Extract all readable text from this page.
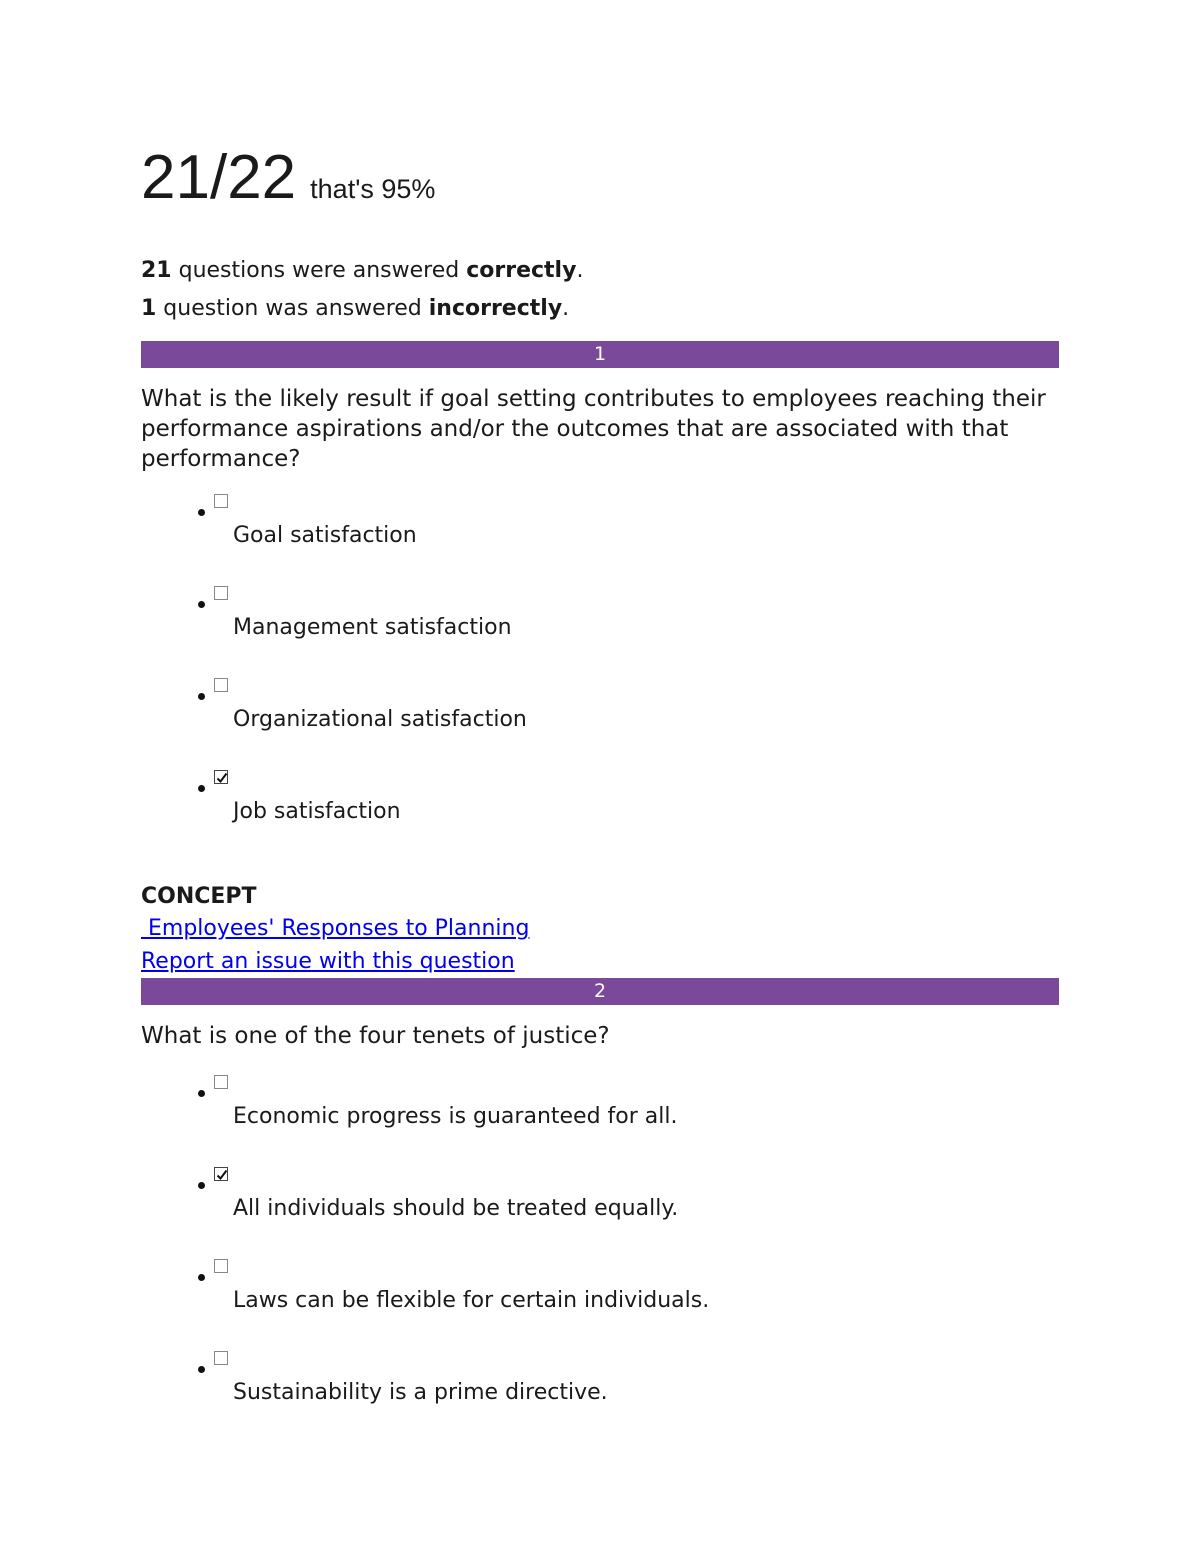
21/22 that's 95%
21 questions were answered correctly.
1 question was answered incorrectly.
1
What is the likely result if goal setting contributes to employees reaching their performance aspirations and/or the outcomes that are associated with that performance?
Goal satisfaction
Management satisfaction
Organizational satisfaction
Job satisfaction
CONCEPT
Employees' Responses to Planning
Report an issue with this question
2
What is one of the four tenets of justice?
Economic progress is guaranteed for all.
All individuals should be treated equally.
Laws can be flexible for certain individuals.
Sustainability is a prime directive.
